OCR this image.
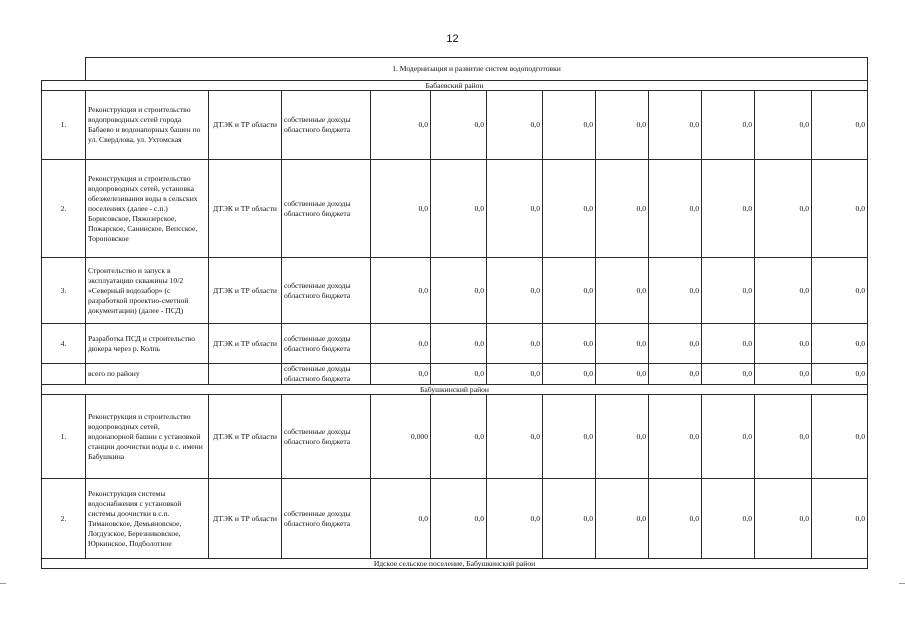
12
	1. Модернизация и развитие систем водоподготовки											
Бабаевский район												
1.	Реконструкция и строительство водопроводных сетей города Бабаево и водонапорных башен по ул. Свердлова, ул. Ухтомская	ДТЭК и ТР области	собственные доходы областного бюджета	0,0	0,0	0,0	0,0	0,0	0,0	0,0	0,0	0,0
2.	Реконструкция и строительство водопроводных сетей, установка обезжелезивания воды в сельских поселениях (далее - с.п.) Борисовское, Пяжозерское, Пожарское, Санинское, Вепсское, Тороповское	ДТЭК и ТР области	собственные доходы областного бюджета	0,0	0,0	0,0	0,0	0,0	0,0	0,0	0,0	0,0
3.	Строительство и запуск в эксплуатацию скважины 10/2 «Северный водозабор» (с разработкой проектно-сметной документации) (далее - ПСД)	ДТЭК и ТР области	собственные доходы областного бюджета	0,0	0,0	0,0	0,0	0,0	0,0	0,0	0,0	0,0
4.	Разработка ПСД и строительство дюкера через р. Колпь	ДТЭК и ТР области	собственные доходы областного бюджета	0,0	0,0	0,0	0,0	0,0	0,0	0,0	0,0	0,0
	всего по району		собственные доходы областного бюджета	0,0	0,0	0,0	0,0	0,0	0,0	0,0	0,0	0,0
Бабушкинский район												
1.	Реконструкция и строительство водопроводных сетей, водонапорной башни с установкой станции доочистки воды в с. имени Бабушкина	ДТЭК и ТР области	собственные доходы областного бюджета	0,000	0,0	0,0	0,0	0,0	0,0	0,0	0,0	0,0
2.	Реконструкция системы водоснабжения с установкой системы доочистки в с.п. Тимановское, Демьяновское, Логдузское, Березниковское, Юркинское, Подболотное	ДТЭК и ТР области	собственные доходы областного бюджета	0,0	0,0	0,0	0,0	0,0	0,0	0,0	0,0	0,0
Идское сельское поселение, Бабушкинский район												
